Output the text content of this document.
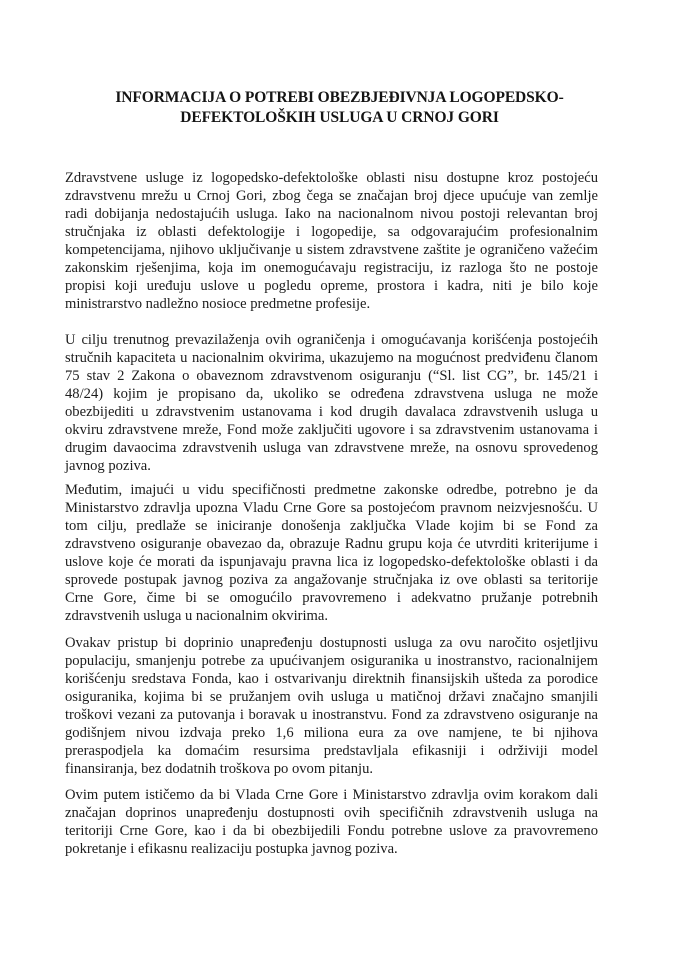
INFORMACIJA O POTREBI OBEZBJEĐIVNJA LOGOPEDSKO-
DEFEKTOLOŠKIH USLUGA U CRNOJ GORI
Zdravstvene usluge iz logopedsko-defektološke oblasti nisu dostupne kroz postojeću
zdravstvenu mrežu u Crnoj Gori, zbog čega se značajan broj djece upućuje van zemlje
radi dobijanja nedostajućih usluga. Iako na nacionalnom nivou postoji relevantan broj
stručnjaka iz oblasti defektologije i logopedije, sa odgovarajućim profesionalnim
kompetencijama, njihovo uključivanje u sistem zdravstvene zaštite je ograničeno važećim
zakonskim rješenjima, koja im onemogućavaju registraciju, iz razloga što ne postoje
propisi koji uređuju uslove u pogledu opreme, prostora i kadra, niti je bilo koje
ministrarstvo nadležno nosioce predmetne profesije.
U cilju trenutnog prevazilaženja ovih ograničenja i omogućavanja korišćenja postojećih
stručnih kapaciteta u nacionalnim okvirima, ukazujemo na mogućnost predviđenu članom
75 stav 2 Zakona o obaveznom zdravstvenom osiguranju (“Sl. list CG”, br. 145/21 i
48/24) kojim je propisano da, ukoliko se određena zdravstvena usluga ne može
obezbijediti u zdravstvenim ustanovama i kod drugih davalaca zdravstvenih usluga u
okviru zdravstvene mreže, Fond može zaključiti ugovore i sa zdravstvenim ustanovama i
drugim davaocima zdravstvenih usluga van zdravstvene mreže, na osnovu sprovedenog
javnog poziva.
Međutim, imajući u vidu specifičnosti predmetne zakonske odredbe, potrebno je da
Ministarstvo zdravlja upozna Vladu Crne Gore sa postojećom pravnom neizvjesnošću. U
tom cilju, predlaže se iniciranje donošenja zaključka Vlade kojim bi se Fond za
zdravstveno osiguranje obavezao da, obrazuje Radnu grupu koja će utvrditi kriterijume i
uslove koje će morati da ispunjavaju pravna lica iz logopedsko-defektološke oblasti i da
sprovede postupak javnog poziva za angažovanje stručnjaka iz ove oblasti sa teritorije
Crne Gore, čime bi se omogućilo pravovremeno i adekvatno pružanje potrebnih
zdravstvenih usluga u nacionalnim okvirima.
Ovakav pristup bi doprinio unapređenju dostupnosti usluga za ovu naročito osjetljivu
populaciju, smanjenju potrebe za upućivanjem osiguranika u inostranstvo, racionalnijem
korišćenju sredstava Fonda, kao i ostvarivanju direktnih finansijskih ušteda za porodice
osiguranika, kojima bi se pružanjem ovih usluga u matičnoj državi značajno smanjili
troškovi vezani za putovanja i boravak u inostranstvu. Fond za zdravstveno osiguranje na
godišnjem nivou izdvaja preko 1,6 miliona eura za ove namjene, te bi njihova
preraspodjela ka domaćim resursima predstavljala efikasniji i održiviji model
finansiranja, bez dodatnih troškova po ovom pitanju.
Ovim putem ističemo da bi Vlada Crne Gore i Ministarstvo zdravlja ovim korakom dali
značajan doprinos unapređenju dostupnosti ovih specifičnih zdravstvenih usluga na
teritoriji Crne Gore, kao i da bi obezbijedili Fondu potrebne uslove za pravovremeno
pokretanje i efikasnu realizaciju postupka javnog poziva.
